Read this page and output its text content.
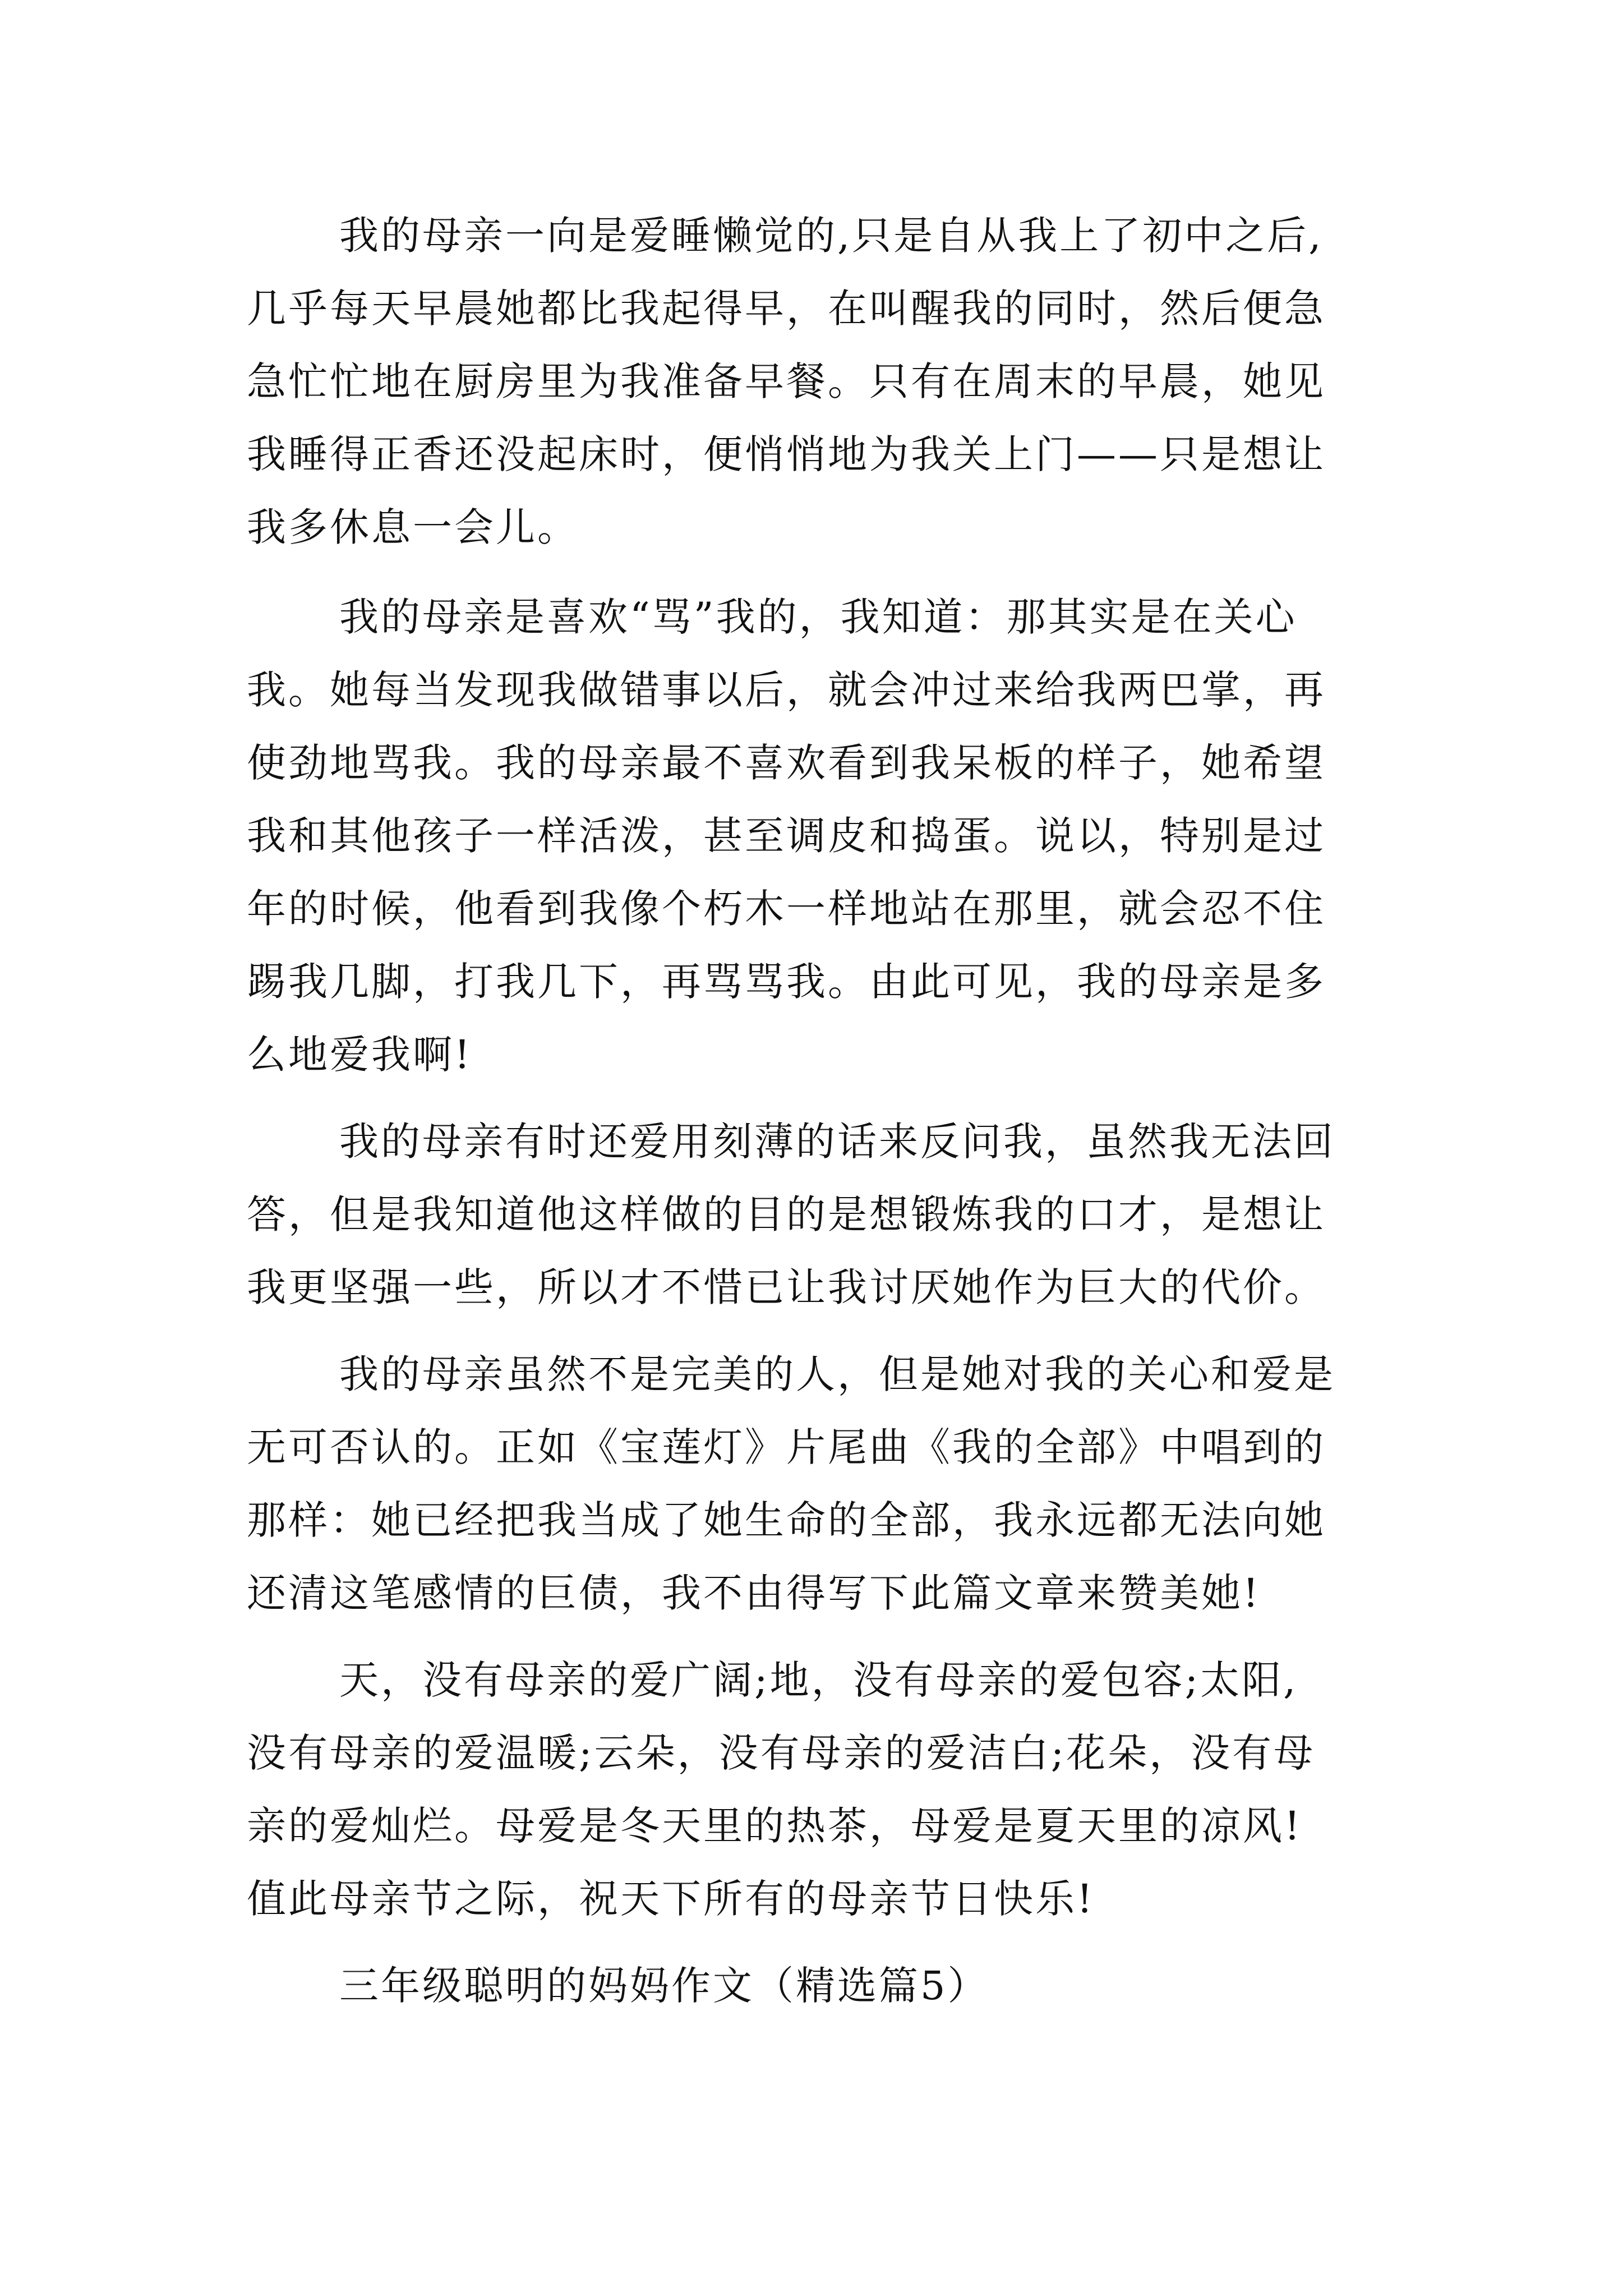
我的母亲一向是爱睡懒觉的,只是自从我上了初中之后,
几乎每天早晨她都比我起得早，在叫醒我的同时，然后便急
急忙忙地在厨房里为我准备早餐。只有在周末的早晨，她见
我睡得正香还没起床时，便悄悄地为我关上门——只是想让
我多休息一会儿。
我的母亲是喜欢“骂”我的，我知道：那其实是在关心
我。她每当发现我做错事以后，就会冲过来给我两巴掌，再
使劲地骂我。我的母亲最不喜欢看到我呆板的样子，她希望
我和其他孩子一样活泼，甚至调皮和捣蛋。说以，特别是过
年的时候，他看到我像个朽木一样地站在那里，就会忍不住
踢我几脚，打我几下，再骂骂我。由此可见，我的母亲是多
么地爱我啊!
我的母亲有时还爱用刻薄的话来反问我，虽然我无法回
答，但是我知道他这样做的目的是想锻炼我的口才，是想让
我更坚强一些，所以才不惜已让我讨厌她作为巨大的代价。
我的母亲虽然不是完美的人，但是她对我的关心和爱是
无可否认的。正如《宝莲灯》片尾曲《我的全部》中唱到的
那样：她已经把我当成了她生命的全部，我永远都无法向她
还清这笔感情的巨债，我不由得写下此篇文章来赞美她!
天，没有母亲的爱广阔;地，没有母亲的爱包容;太阳,
没有母亲的爱温暖;云朵，没有母亲的爱洁白;花朵，没有母
亲的爱灿烂。母爱是冬天里的热茶，母爱是夏天里的凉风!
值此母亲节之际，祝天下所有的母亲节日快乐!
三年级聪明的妈妈作文（精选篇5）
